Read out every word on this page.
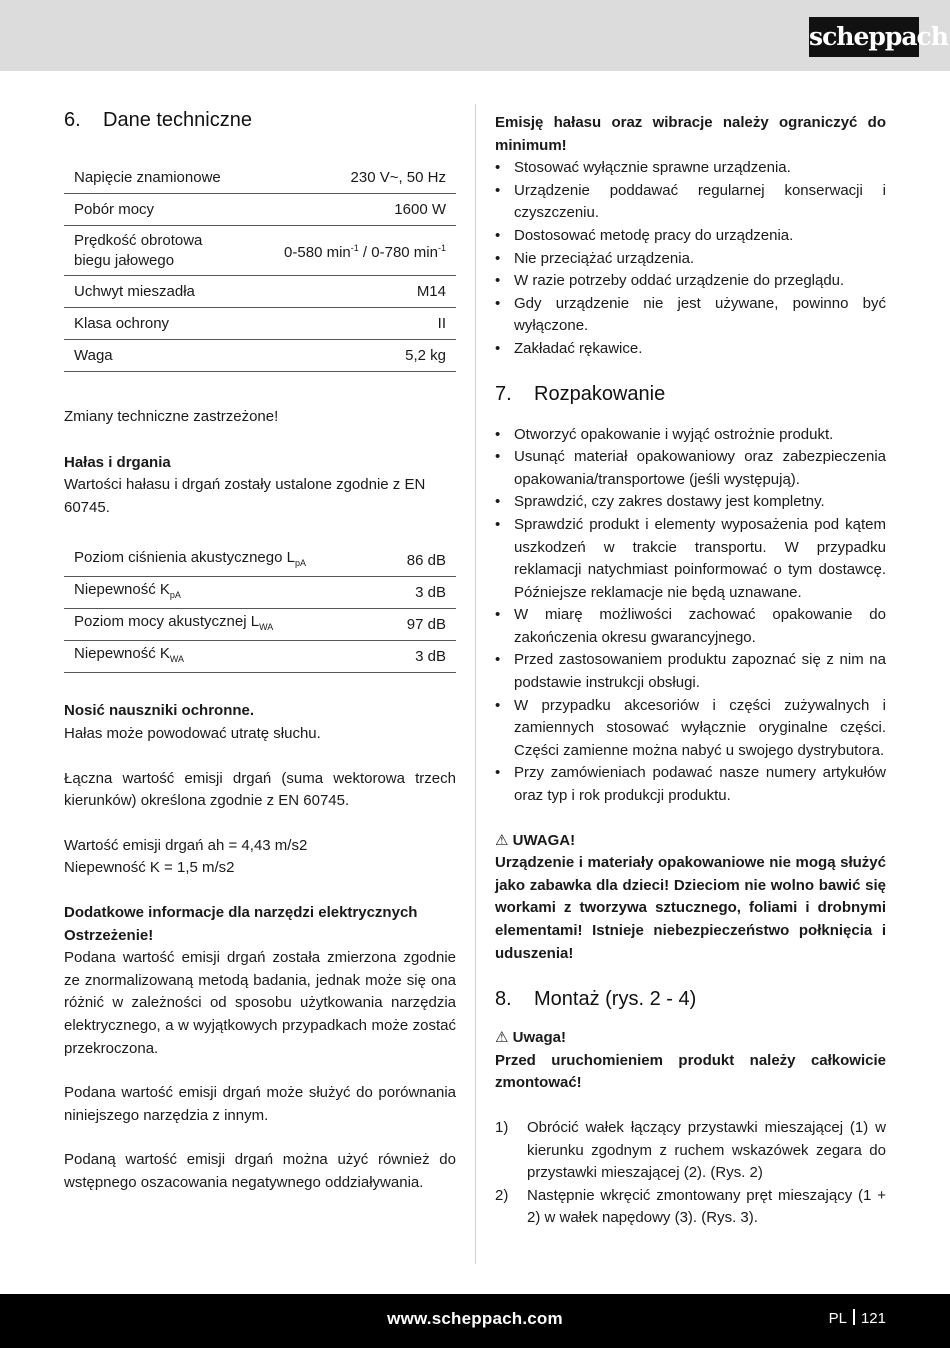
scheppach
6.	Dane techniczne
Napięcie znamionowe	230 V~, 50 Hz
Pobór mocy	1600 W
Prędkość obrotowa biegu jałowego	0-580 $\min^{-1} / 0-780$ $\min^{-1}$
Uchwyt mieszadła	M14
Klasa ochrony	II
Waga	5,2 kg

Zmiany techniczne zastrzeżone!

Hałas i drgania

Wartości hałasu i drgań zostały ustalone zgodnie z EN 60745.

Poziom ciśnienia akustycznego $L_{pA}$	86 dB
Niepewność $K_{pA}$	3 dB
Poziom mocy akustycznej $L_{WA}$	97 dB
Niepewność $K_{WA}$	3 dB

Nosić nauszniki ochronne.

Hałas może powodować utratę słuchu.

Łączna wartość emisji drgań (suma wektorowa trzech kierunków) określona zgodnie z EN 60745.

Wartość emisji drgań ah = 4,43 m/s2

Niepewność K = 1,5 m/s2

Dodatkowe informacje dla narzędzi elektrycznych

Ostrzeżenie!

Podana wartość emisji drgań została zmierzona zgodnie ze znormalizowaną metodą badania, jednak może się ona różnić w zależności od sposobu użytkowania narzędzia elektrycznego, a w wyjątkowych przypadkach może zostać przekroczona.

Podana wartość emisji drgań może służyć do porównania niniejszego narzędzia z innym.

Podaną wartość emisji drgań można użyć również do wstępnego oszacowania negatywnego oddziaływania.

Emisję hałasu oraz wibracje należy ograniczyć do minimum!

• Stosować wyłącznie sprawne urządzenia.
• Urządzenie poddawać regularnej konserwacji i czyszczeniu.
• Dostosować metodę pracy do urządzenia.
• Nie przeciążać urządzenia.
• W razie potrzeby oddać urządzenie do przeglądu.
• Gdy urządzenie nie jest używane, powinno być wyłączone.
• Zakładać rękawice.
7.	Rozpakowanie
• Otworzyć opakowanie i wyjąć ostrożnie produkt.
• Usunąć materiał opakowaniowy oraz zabezpieczenia opakowania/transportowe (jeśli występują).
• Sprawdzić, czy zakres dostawy jest kompletny.
• Sprawdzić produkt i elementy wyposażenia pod kątem uszkodzeń w trakcie transportu. W przypadku reklamacji natychmiast poinformować o tym dostawcę. Późniejsze reklamacje nie będą uznawane.
• W miarę możliwości zachować opakowanie do zakończenia okresu gwarancyjnego.
• Przed zastosowaniem produktu zapoznać się z nim na podstawie instrukcji obsługi.
• W przypadku akcesoriów i części zużywalnych i zamiennych stosować wyłącznie oryginalne części. Części zamienne można nabyć u swojego dystrybutora.
• Przy zamówieniach podawać nasze numery artykułów oraz typ i rok produkcji produktu.

⚠ UWAGA!

Urządzenie i materiały opakowaniowe nie mogą służyć jako zabawka dla dzieci! Dzieciom nie wolno bawić się workami z tworzywa sztucznego, foliami i drobnymi elementami! Istnieje niebezpieczeństwo połknięcia i uduszenia!

8.	Montaż (rys. 2 - 4)

⚠ Uwaga!

Przed uruchomieniem produkt należy całkowicie zmontować!

1) Obrócić wałek łączący przystawki mieszającej (1) w kierunku zgodnym z ruchem wskazówek zegara do przystawki mieszającej (2). (Rys. 2)
2) Następnie wkręcić zmontowany pręt mieszający (1 + 2) w wałek napędowy (3). (Rys. 3).
www.scheppach.com	PL 121
